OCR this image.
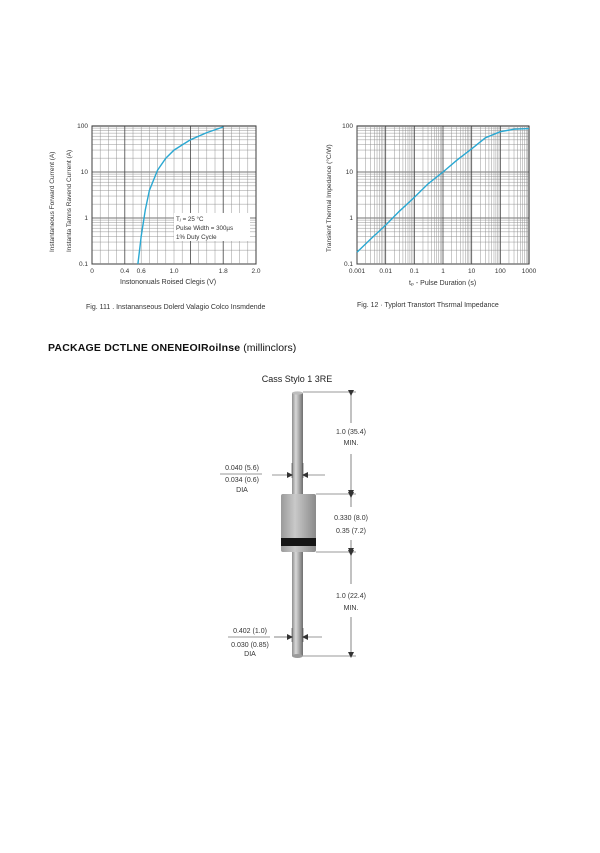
Tⱼ = 25 °C
Pulse Width = 300µs
1% Duty Cycle
100
10
1
0.1
0	0.4 0.6	1.0	1.8	2.0
Instantaneous Forward Current (A) Instanta Tamns Ravend Current (A)
Instononuals Roised Clegis (V)
Fig. 111 . Instananseous Dolerd Valagio Colco Insmdende
100
10
1
0.1
0.001 0.01	0.1	1	10	100 1000
Transient Thermal Impedance (°C/W)
tₚ - Pulse Duration (s)
Fig. 12 · Typlort Transtort Thsrmal Impedance
PACKAGE DCTLNE ONENEOIRoilnse (millinclors)
Cass Stylo 1 3RE
1.0 (35.4)
MIN.
0.330 (8.0)
0.35 (7.2)
1.0 (22.4)
MIN.
0.040 (5.6)
0.034 (0.6)
DIA
0.402 (1.0)
0.030 (0.85)
DIA
